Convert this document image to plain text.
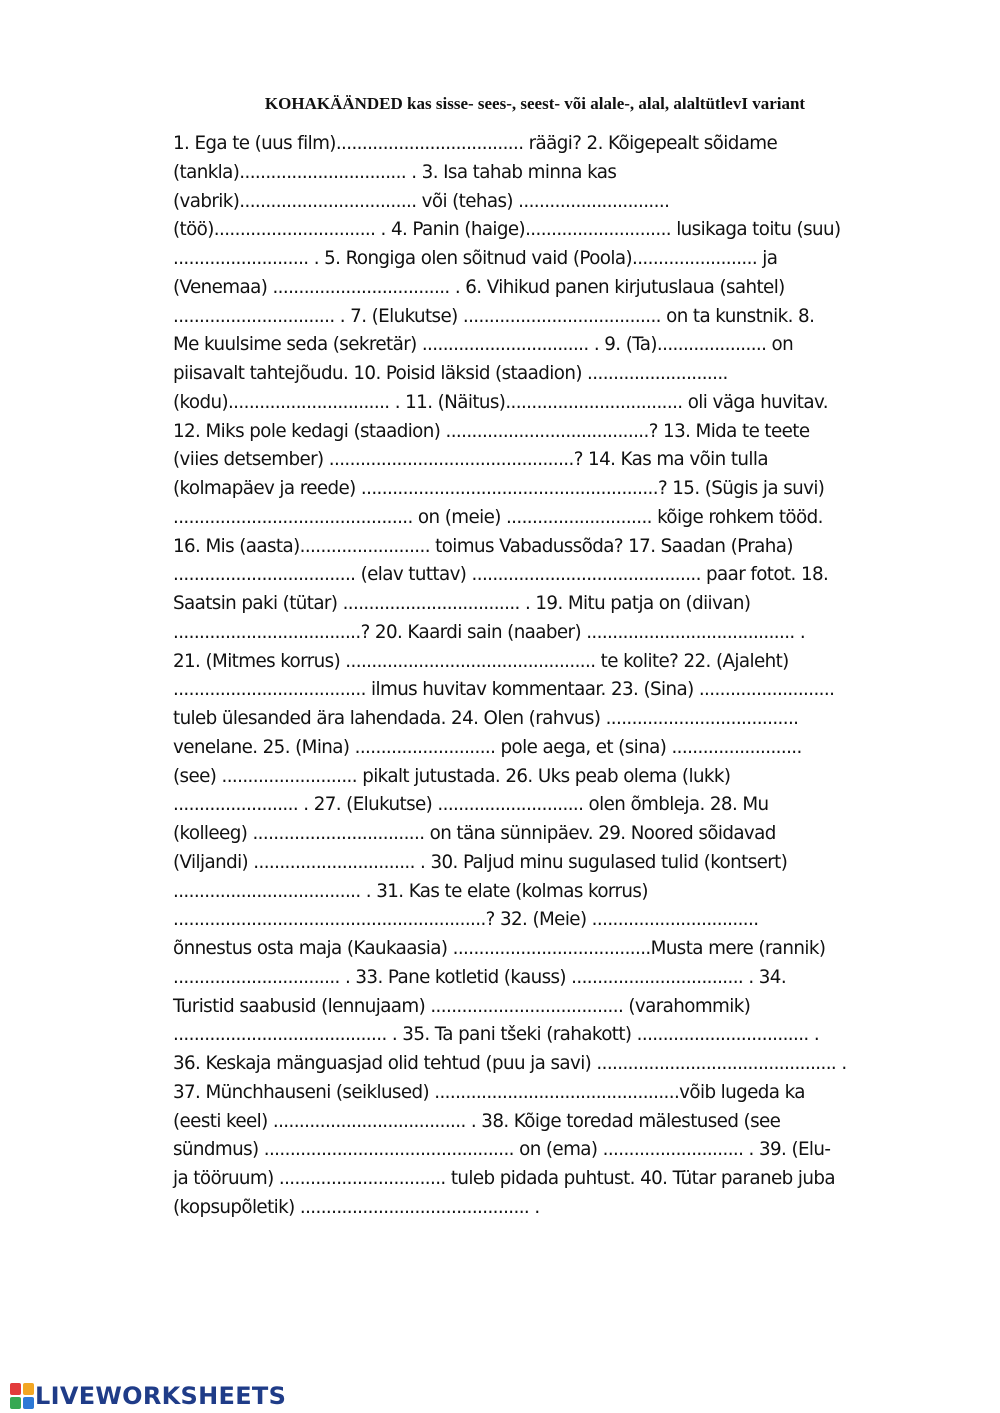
KOHAKÄÄNDED kas sisse- sees-, seest- või alale-, alal, alaltütlevI variant
1. Ega te (uus film).................................... räägi? 2. Kõigepealt sõidame
(tankla)................................ . 3. Isa tahab minna kas
(vabrik).................................. või (tehas) .............................
(töö)............................... . 4. Panin (haige)............................ lusikaga toitu (suu)
.......................... . 5. Rongiga olen sõitnud vaid (Poola)........................ ja
(Venemaa) .................................. . 6. Vihikud panen kirjutuslaua (sahtel)
............................... . 7. (Elukutse) ...................................... on ta kunstnik. 8.
Me kuulsime seda (sekretär) ................................ . 9. (Ta)..................... on
piisavalt tahtejõudu. 10. Poisid läksid (staadion) ...........................
(kodu)............................... . 11. (Näitus).................................. oli väga huvitav.
12. Miks pole kedagi (staadion) .......................................? 13. Mida te teete
(viies detsember) ...............................................? 14. Kas ma võin tulla
(kolmapäev ja reede) .........................................................? 15. (Sügis ja suvi)
.............................................. on (meie) ............................ kõige rohkem tööd.
16. Mis (aasta)......................... toimus Vabadussõda? 17. Saadan (Praha)
................................... (elav tuttav) ............................................ paar fotot. 18.
Saatsin paki (tütar) .................................. . 19. Mitu patja on (diivan)
....................................? 20. Kaardi sain (naaber) ........................................ .
21. (Mitmes korrus) ................................................ te kolite? 22. (Ajaleht)
..................................... ilmus huvitav kommentaar. 23. (Sina) ..........................
tuleb ülesanded ära lahendada. 24. Olen (rahvus) .....................................
venelane. 25. (Mina) ........................... pole aega, et (sina) .........................
(see) .......................... pikalt jutustada. 26. Uks peab olema (lukk)
........................ . 27. (Elukutse) ............................ olen õmbleja. 28. Mu
(kolleeg) ................................. on täna sünnipäev. 29. Noored sõidavad
(Viljandi) ............................... . 30. Paljud minu sugulased tulid (kontsert)
.................................... . 31. Kas te elate (kolmas korrus)
............................................................? 32. (Meie) ................................
õnnestus osta maja (Kaukaasia) ......................................Musta mere (rannik)
................................ . 33. Pane kotletid (kauss) ................................. . 34.
Turistid saabusid (lennujaam) ..................................... (varahommik)
......................................... . 35. Ta pani tšeki (rahakott) ................................. .
36. Keskaja mänguasjad olid tehtud (puu ja savi) .............................................. .
37. Münchhauseni (seiklused) ...............................................võib lugeda ka
(eesti keel) ..................................... . 38. Kõige toredad mälestused (see
sündmus) ................................................ on (ema) ........................... . 39. (Elu-
ja tööruum) ................................ tuleb pidada puhtust. 40. Tütar paraneb juba
(kopsupõletik) ............................................ .
LIVEWORKSHEETS
